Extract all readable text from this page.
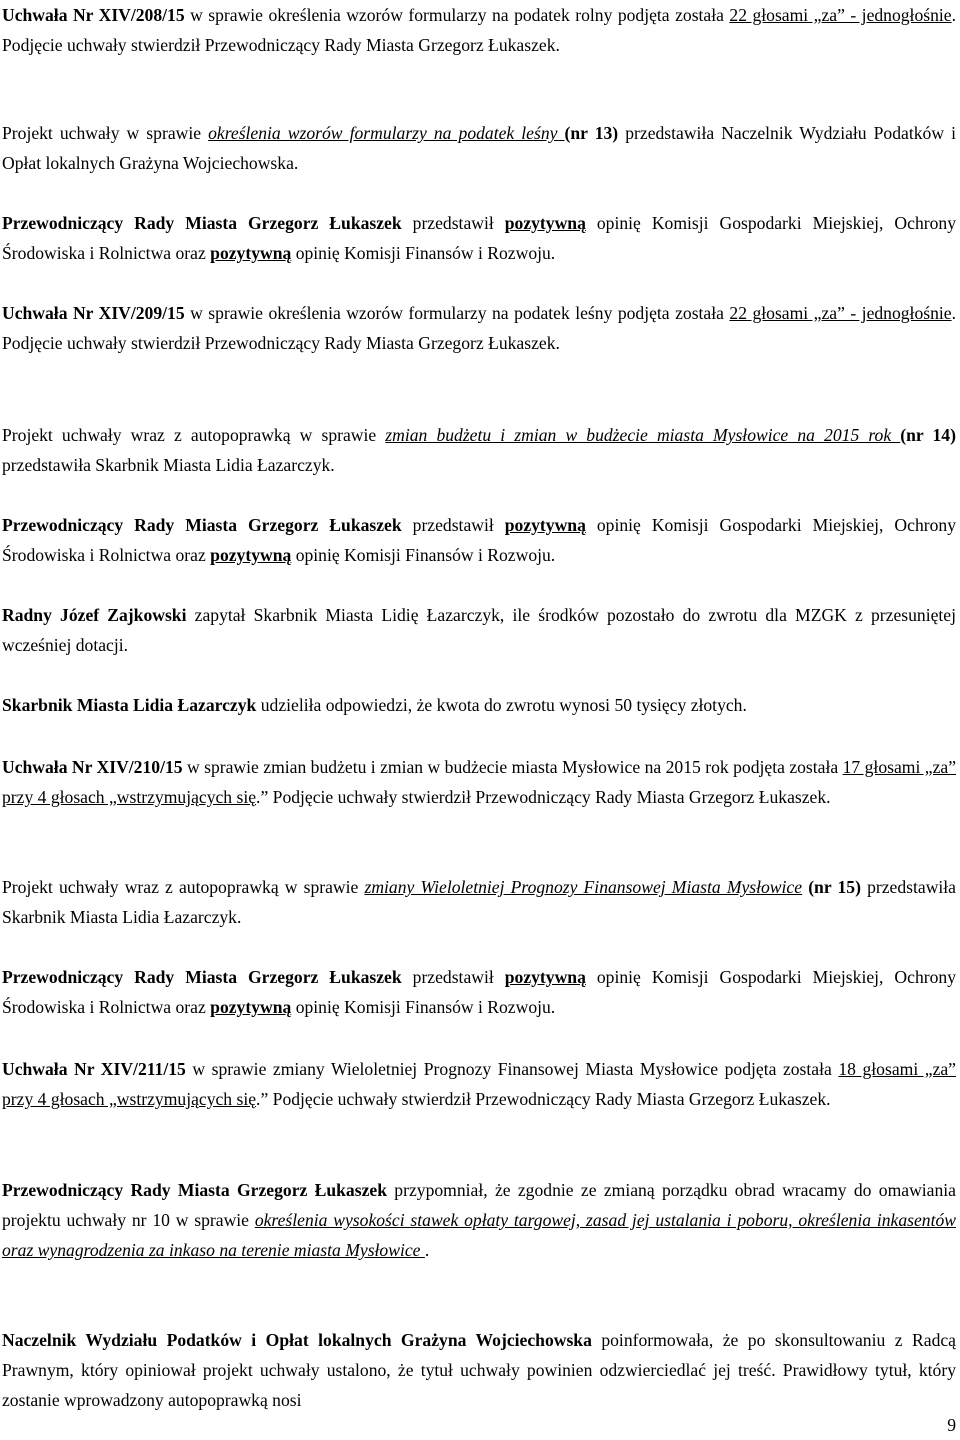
Uchwała Nr XIV/208/15 w sprawie określenia wzorów formularzy na podatek rolny podjęta została 22 głosami „za” - jednogłośnie. Podjęcie uchwały stwierdził Przewodniczący Rady Miasta Grzegorz Łukaszek.

Projekt uchwały w sprawie określenia wzorów formularzy na podatek leśny (nr 13) przedstawiła Naczelnik Wydziału Podatków i Opłat lokalnych Grażyna Wojciechowska.

Przewodniczący Rady Miasta Grzegorz Łukaszek przedstawił pozytywną opinię Komisji Gospodarki Miejskiej, Ochrony Środowiska i Rolnictwa oraz pozytywną opinię Komisji Finansów i Rozwoju.

Uchwała Nr XIV/209/15 w sprawie określenia wzorów formularzy na podatek leśny podjęta została 22 głosami „za” - jednogłośnie. Podjęcie uchwały stwierdził Przewodniczący Rady Miasta Grzegorz Łukaszek.

Projekt uchwały wraz z autopoprawką w sprawie zmian budżetu i zmian w budżecie miasta Mysłowice na 2015 rok (nr 14) przedstawiła Skarbnik Miasta Lidia Łazarczyk.

Przewodniczący Rady Miasta Grzegorz Łukaszek przedstawił pozytywną opinię Komisji Gospodarki Miejskiej, Ochrony Środowiska i Rolnictwa oraz pozytywną opinię Komisji Finansów i Rozwoju.

Radny Józef Zajkowski zapytał Skarbnik Miasta Lidię Łazarczyk, ile środków pozostało do zwrotu dla MZGK z przesuniętej wcześniej dotacji.

Skarbnik Miasta Lidia Łazarczyk udzieliła odpowiedzi, że kwota do zwrotu wynosi 50 tysięcy złotych.

Uchwała Nr XIV/210/15 w sprawie zmian budżetu i zmian w budżecie miasta Mysłowice na 2015 rok podjęta została 17 głosami „za” przy 4 głosach „wstrzymujących się.” Podjęcie uchwały stwierdził Przewodniczący Rady Miasta Grzegorz Łukaszek.

Projekt uchwały wraz z autopoprawką w sprawie zmiany Wieloletniej Prognozy Finansowej Miasta Mysłowice (nr 15) przedstawiła Skarbnik Miasta Lidia Łazarczyk.

Przewodniczący Rady Miasta Grzegorz Łukaszek przedstawił pozytywną opinię Komisji Gospodarki Miejskiej, Ochrony Środowiska i Rolnictwa oraz pozytywną opinię Komisji Finansów i Rozwoju.

Uchwała Nr XIV/211/15 w sprawie zmiany Wieloletniej Prognozy Finansowej Miasta Mysłowice podjęta została 18 głosami „za” przy 4 głosach „wstrzymujących się.” Podjęcie uchwały stwierdził Przewodniczący Rady Miasta Grzegorz Łukaszek.

Przewodniczący Rady Miasta Grzegorz Łukaszek przypomniał, że zgodnie ze zmianą porządku obrad wracamy do omawiania projektu uchwały nr 10 w sprawie określenia wysokości stawek opłaty targowej, zasad jej ustalania i poboru, określenia inkasentów oraz wynagrodzenia za inkaso na terenie miasta Mysłowice .

Naczelnik Wydziału Podatków i Opłat lokalnych Grażyna Wojciechowska poinformowała, że po skonsultowaniu z Radcą Prawnym, który opiniował projekt uchwały ustalono, że tytuł uchwały powinien odzwierciedlać jej treść. Prawidłowy tytuł, który zostanie wprowadzony autopoprawką nosi

9
